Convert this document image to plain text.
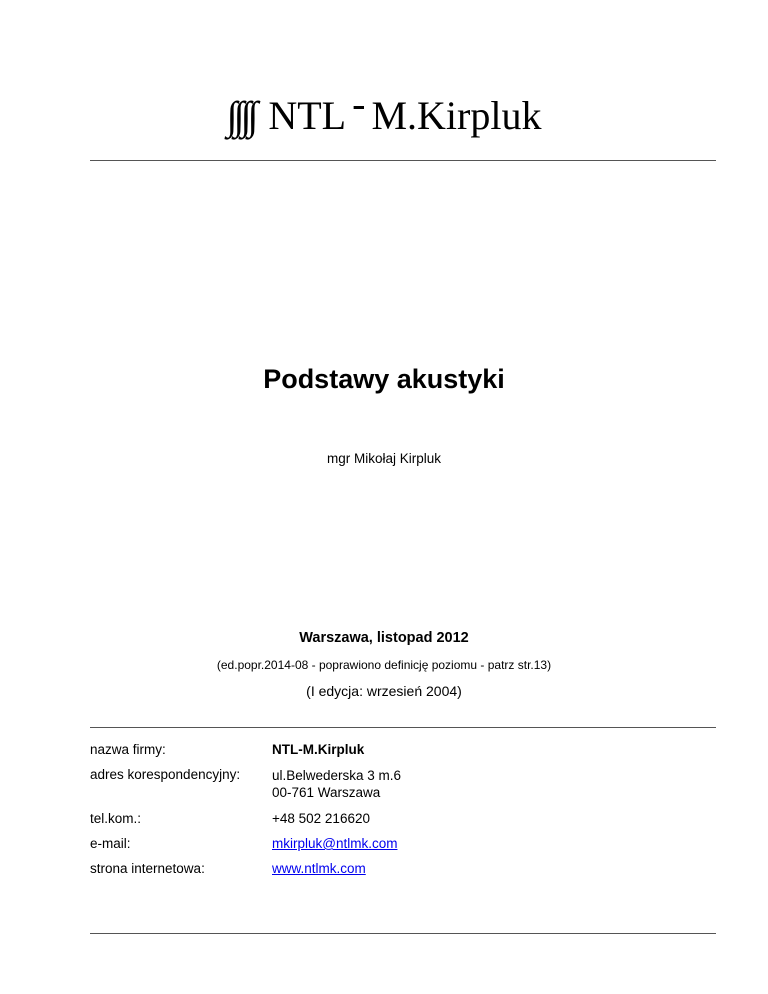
∫∫∫∫ NTL - M.Kirpluk
Podstawy akustyki
mgr Mikołaj Kirpluk
Warszawa, listopad 2012
(ed.popr.2014-08 - poprawiono definicję poziomu - patrz str.13)
(I edycja: wrzesień 2004)
nazwa firmy:	NTL-M.Kirpluk
adres korespondencyjny:	ul.Belwederska 3 m.6
00-761 Warszawa
tel.kom.:	+48 502 216620
e-mail:	mkirpluk@ntlmk.com
strona internetowa:	www.ntlmk.com
